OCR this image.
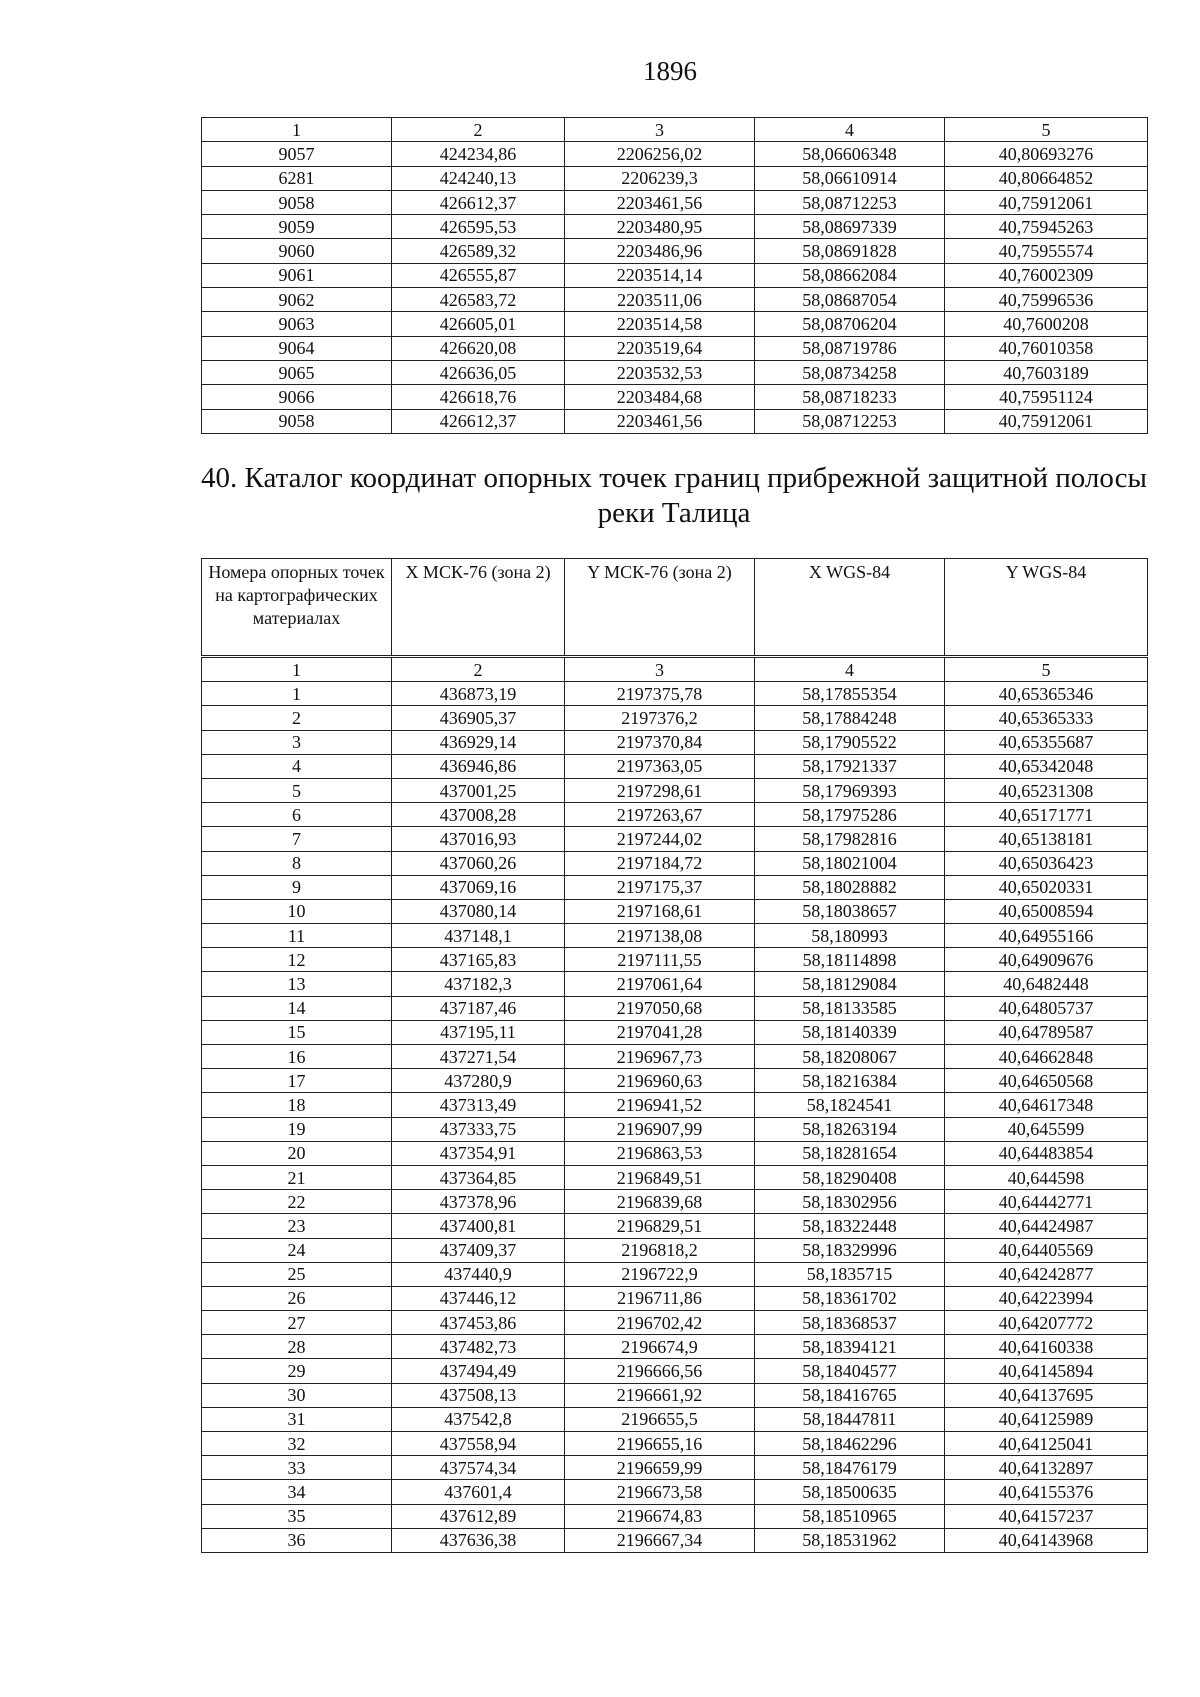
1896
1	2	3	4	5
9057	424234,86	2206256,02	58,06606348	40,80693276
6281	424240,13	2206239,3	58,06610914	40,80664852
9058	426612,37	2203461,56	58,08712253	40,75912061
9059	426595,53	2203480,95	58,08697339	40,75945263
9060	426589,32	2203486,96	58,08691828	40,75955574
9061	426555,87	2203514,14	58,08662084	40,76002309
9062	426583,72	2203511,06	58,08687054	40,75996536
9063	426605,01	2203514,58	58,08706204	40,7600208
9064	426620,08	2203519,64	58,08719786	40,76010358
9065	426636,05	2203532,53	58,08734258	40,7603189
9066	426618,76	2203484,68	58,08718233	40,75951124
9058	426612,37	2203461,56	58,08712253	40,75912061
40. Каталог координат опорных точек границ прибрежной защитной полосы
реки Талица
Номера опорных точек на картографических материалах	X МСК-76 (зона 2)	Y МСК-76 (зона 2)	X WGS-84	Y WGS-84
1	2	3	4	5
1	436873,19	2197375,78	58,17855354	40,65365346
2	436905,37	2197376,2	58,17884248	40,65365333
3	436929,14	2197370,84	58,17905522	40,65355687
4	436946,86	2197363,05	58,17921337	40,65342048
5	437001,25	2197298,61	58,17969393	40,65231308
6	437008,28	2197263,67	58,17975286	40,65171771
7	437016,93	2197244,02	58,17982816	40,65138181
8	437060,26	2197184,72	58,18021004	40,65036423
9	437069,16	2197175,37	58,18028882	40,65020331
10	437080,14	2197168,61	58,18038657	40,65008594
11	437148,1	2197138,08	58,180993	40,64955166
12	437165,83	2197111,55	58,18114898	40,64909676
13	437182,3	2197061,64	58,18129084	40,6482448
14	437187,46	2197050,68	58,18133585	40,64805737
15	437195,11	2197041,28	58,18140339	40,64789587
16	437271,54	2196967,73	58,18208067	40,64662848
17	437280,9	2196960,63	58,18216384	40,64650568
18	437313,49	2196941,52	58,1824541	40,64617348
19	437333,75	2196907,99	58,18263194	40,645599
20	437354,91	2196863,53	58,18281654	40,64483854
21	437364,85	2196849,51	58,18290408	40,644598
22	437378,96	2196839,68	58,18302956	40,64442771
23	437400,81	2196829,51	58,18322448	40,64424987
24	437409,37	2196818,2	58,18329996	40,64405569
25	437440,9	2196722,9	58,1835715	40,64242877
26	437446,12	2196711,86	58,18361702	40,64223994
27	437453,86	2196702,42	58,18368537	40,64207772
28	437482,73	2196674,9	58,18394121	40,64160338
29	437494,49	2196666,56	58,18404577	40,64145894
30	437508,13	2196661,92	58,18416765	40,64137695
31	437542,8	2196655,5	58,18447811	40,64125989
32	437558,94	2196655,16	58,18462296	40,64125041
33	437574,34	2196659,99	58,18476179	40,64132897
34	437601,4	2196673,58	58,18500635	40,64155376
35	437612,89	2196674,83	58,18510965	40,64157237
36	437636,38	2196667,34	58,18531962	40,64143968
